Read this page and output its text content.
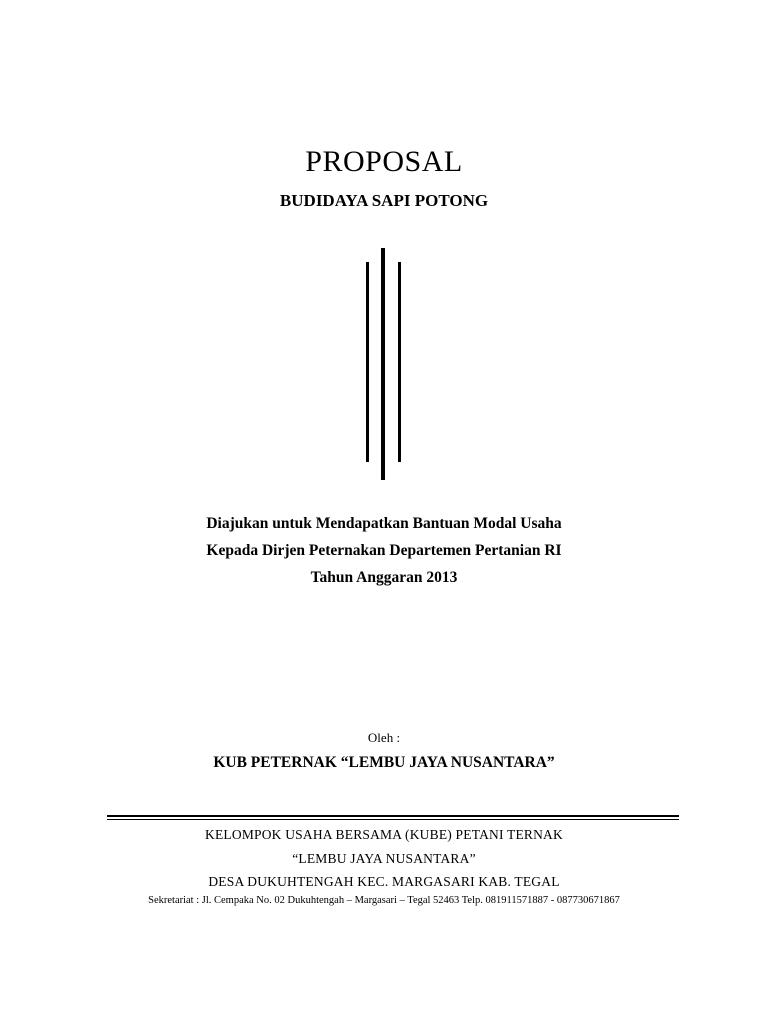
PROPOSAL
BUDIDAYA SAPI POTONG
Diajukan untuk Mendapatkan Bantuan Modal Usaha
Kepada Dirjen Peternakan Departemen Pertanian RI
Tahun Anggaran 2013
Oleh :
KUB PETERNAK “LEMBU JAYA NUSANTARA”
KELOMPOK USAHA BERSAMA (KUBE) PETANI TERNAK
“LEMBU JAYA NUSANTARA”
DESA DUKUHTENGAH KEC. MARGASARI KAB. TEGAL
Sekretariat : Jl. Cempaka No. 02 Dukuhtengah – Margasari – Tegal 52463 Telp. 081911571887 - 087730671867
